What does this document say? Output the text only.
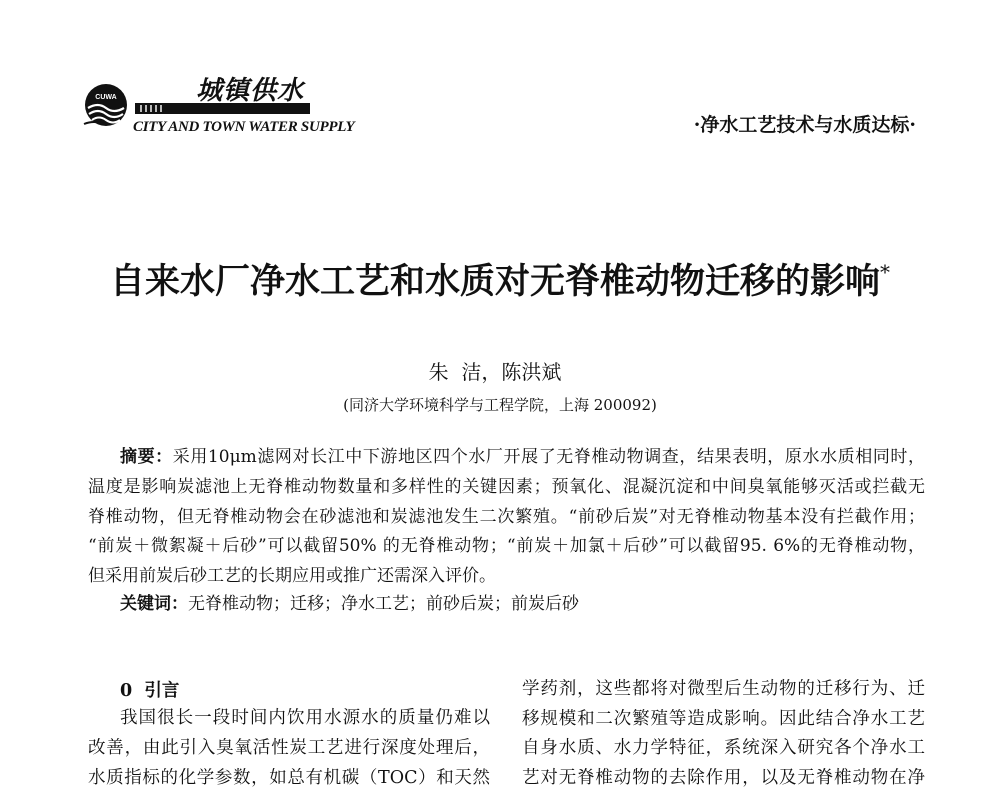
CUWA	城镇供水
CITY AND TOWN WATER SUPPLY	·净水工艺技术与水质达标·
自来水厂净水工艺和水质对无脊椎动物迁移的影响*
朱  洁，陈洪斌
(同济大学环境科学与工程学院，上海 200092)
摘要：采用10μm滤网对长江中下游地区四个水厂开展了无脊椎动物调查，结果表明，原水水质相同时，
温度是影响炭滤池上无脊椎动物数量和多样性的关键因素；预氧化、混凝沉淀和中间臭氧能够灭活或拦截无
脊椎动物，但无脊椎动物会在砂滤池和炭滤池发生二次繁殖。“前砂后炭”对无脊椎动物基本没有拦截作用；
“前炭＋微絮凝＋后砂”可以截留50% 的无脊椎动物；“前炭＋加氯＋后砂”可以截留95. 6%的无脊椎动物，
但采用前炭后砂工艺的长期应用或推广还需深入评价。
关键词：无脊椎动物；迁移；净水工艺；前砂后炭；前炭后砂
0  引言
我国很长一段时间内饮用水源水的质量仍难以
改善，由此引入臭氧活性炭工艺进行深度处理后，
水质指标的化学参数，如总有机碳（TOC）和天然
学药剂，这些都将对微型后生动物的迁移行为、迁
移规模和二次繁殖等造成影响。因此结合净水工艺
自身水质、水力学特征，系统深入研究各个净水工
艺对无脊椎动物的去除作用，以及无脊椎动物在净
